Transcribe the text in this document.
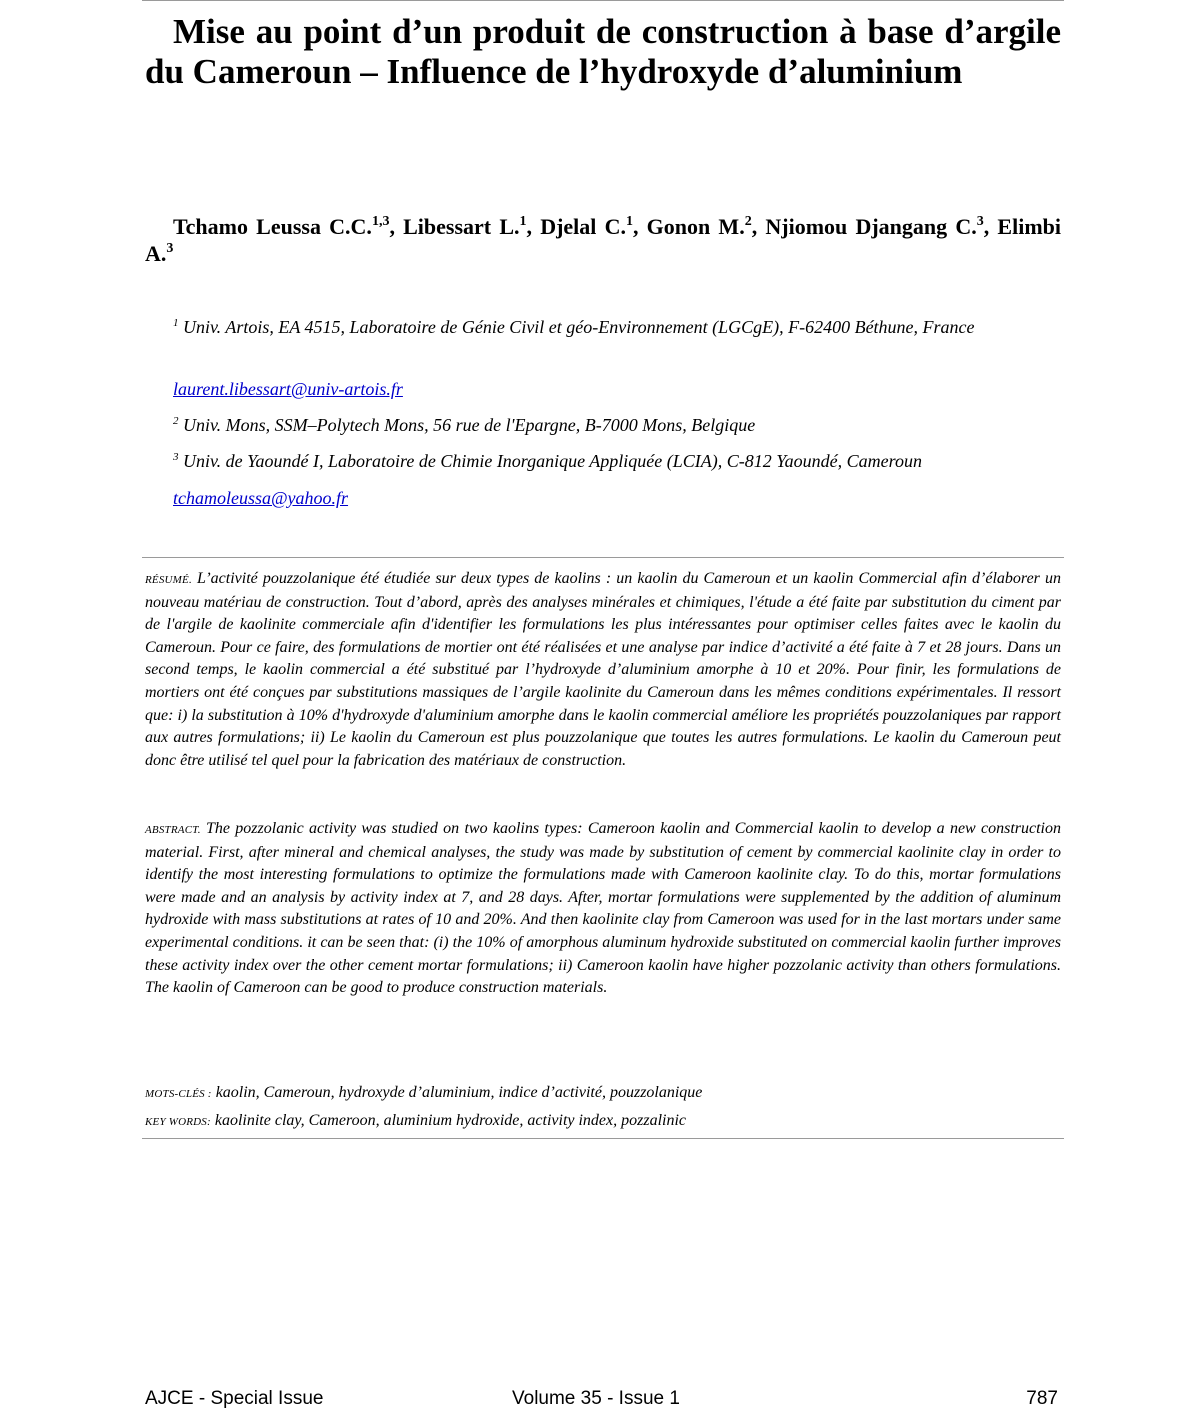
Mise au point d’un produit de construction à base d’argile du Cameroun – Influence de l’hydroxyde d’aluminium

Tchamo Leussa C.C.$^{1,3}$, Libessart L.$^1$, Djelal C.$^1$, Gonon M.$^2$, Njiomou Djangang C.$^3$, Elimbi A.$^3$

$^1$ Univ. Artois, EA 4515, Laboratoire de Génie Civil et géo-Environnement (LGCgE), F-62400 Béthune, France

laurent.libessart@univ-artois.fr

$^2$ Univ. Mons, SSM–Polytech Mons, 56 rue de l'Epargne, B-7000 Mons, Belgique

$^3$ Univ. de Yaoundé I, Laboratoire de Chimie Inorganique Appliquée (LCIA), C-812 Yaoundé, Cameroun

tchamoleussa@yahoo.fr

RÉSUMÉ. L’activité pouzzolanique été étudiée sur deux types de kaolins : un kaolin du Cameroun et un kaolin Commercial afin d’élaborer un nouveau matériau de construction. Tout d’abord, après des analyses minérales et chimiques, l'étude a été faite par substitution du ciment par de l'argile de kaolinite commerciale afin d'identifier les formulations les plus intéressantes pour optimiser celles faites avec le kaolin du Cameroun. Pour ce faire, des formulations de mortier ont été réalisées et une analyse par indice d’activité a été faite à 7 et 28 jours. Dans un second temps, le kaolin commercial a été substitué par l’hydroxyde d’aluminium amorphe à 10 et 20%. Pour finir, les formulations de mortiers ont été conçues par substitutions massiques de l’argile kaolinite du Cameroun dans les mêmes conditions expérimentales. Il ressort que: i) la substitution à 10% d'hydroxyde d'aluminium amorphe dans le kaolin commercial améliore les propriétés pouzzolaniques par rapport aux autres formulations; ii) Le kaolin du Cameroun est plus pouzzolanique que toutes les autres formulations. Le kaolin du Cameroun peut donc être utilisé tel quel pour la fabrication des matériaux de construction.

ABSTRACT. The pozzolanic activity was studied on two kaolins types: Cameroon kaolin and Commercial kaolin to develop a new construction material. First, after mineral and chemical analyses, the study was made by substitution of cement by commercial kaolinite clay in order to identify the most interesting formulations to optimize the formulations made with Cameroon kaolinite clay. To do this, mortar formulations were made and an analysis by activity index at 7, and 28 days. After, mortar formulations were supplemented by the addition of aluminum hydroxide with mass substitutions at rates of 10 and 20%. And then kaolinite clay from Cameroon was used for in the last mortars under same experimental conditions. it can be seen that: (i) the 10% of amorphous aluminum hydroxide substituted on commercial kaolin further improves these activity index over the other cement mortar formulations; ii) Cameroon kaolin have higher pozzolanic activity than others formulations. The kaolin of Cameroon can be good to produce construction materials.

MOTS-CLÉS : kaolin, Cameroun, hydroxyde d’aluminium, indice d’activité, pouzzolanique

KEY WORDS: kaolinite clay, Cameroon, aluminium hydroxide, activity index, pozzalinic

AJCE - Special Issue	Volume 35 - Issue 1	787
